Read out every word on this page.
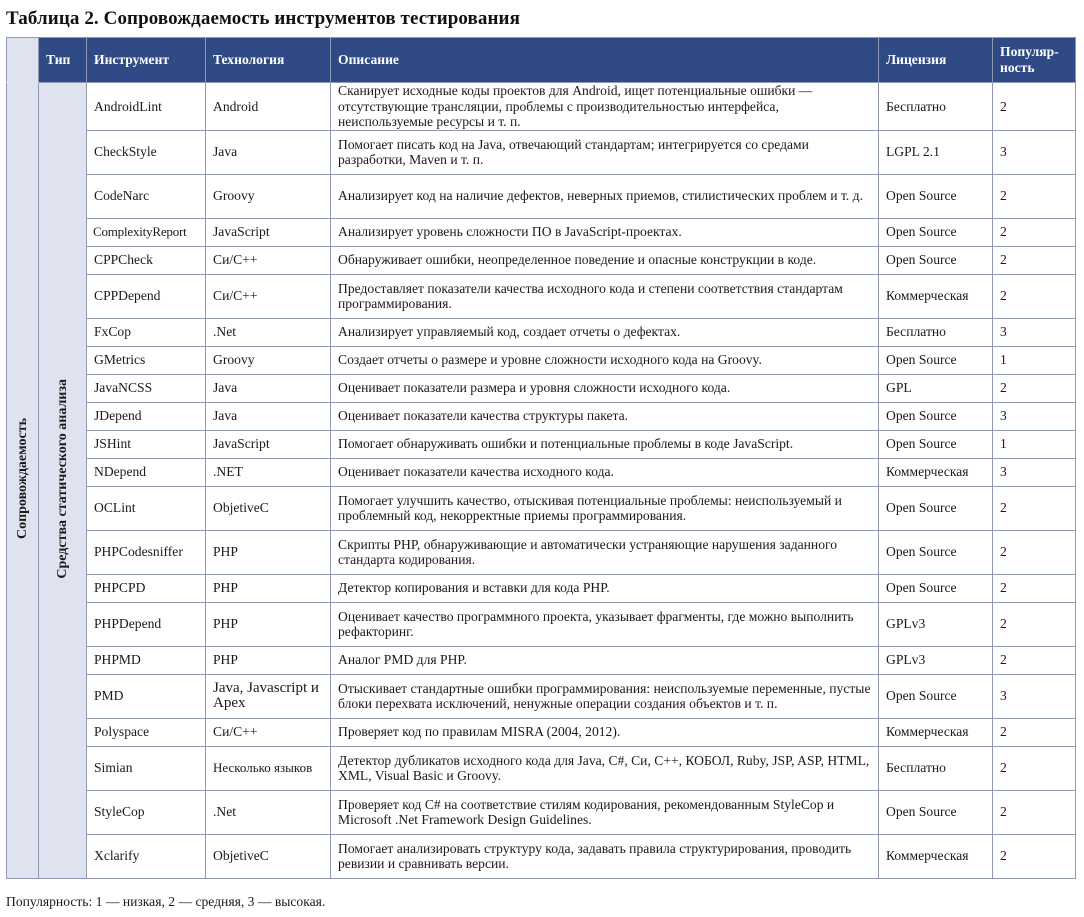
Таблица 2. Сопровождаемость инструментов тестирования
	Тип	Инструмент	Технология	Описание	Лицензия	Популяр-ность
Сопровождаемость	Средства статического анализа	AndroidLint	Android	Сканирует исходные коды проектов для Android, ищет потенциальные ошибки — отсутствующие трансляции, проблемы с производительностью интерфейса, неиспользуемые ресурсы и т. п.	Бесплатно	2
		CheckStyle	Java	Помогает писать код на Java, отвечающий стандартам; интегрируется со средами разработки, Maven и т. п.	LGPL 2.1	3
		CodeNarc	Groovy	Анализирует код на наличие дефектов, неверных приемов, стилистических проблем и т. д.	Open Source	2
		ComplexityReport	JavaScript	Анализирует уровень сложности ПО в JavaScript-проектах.	Open Source	2
		CPPCheck	Си/С++	Обнаруживает ошибки, неопределенное поведение и опасные конструкции в коде.	Open Source	2
		CPPDepend	Си/С++	Предоставляет показатели качества исходного кода и степени соответствия стандартам программирования.	Коммерческая	2
		FxCop	.Net	Анализирует управляемый код, создает отчеты о дефектах.	Бесплатно	3
		GMetrics	Groovy	Создает отчеты о размере и уровне сложности исходного кода на Groovy.	Open Source	1
		JavaNCSS	Java	Оценивает показатели размера и уровня сложности исходного кода.	GPL	2
		JDepend	Java	Оценивает показатели качества структуры пакета.	Open Source	3
		JSHint	JavaScript	Помогает обнаруживать ошибки и потенциальные проблемы в коде JavaScript.	Open Source	1
		NDepend	.NET	Оценивает показатели качества исходного кода.	Коммерческая	3
		OCLint	ObjetiveC	Помогает улучшить качество, отыскивая потенциальные проблемы: неиспользуемый и проблемный код, некорректные приемы программирования.	Open Source	2
		PHPCodesniffer	PHP	Скрипты PHP, обнаруживающие и автоматически устраняющие нарушения заданного стандарта кодирования.	Open Source	2
		PHPCPD	PHP	Детектор копирования и вставки для кода PHP.	Open Source	2
		PHPDepend	PHP	Оценивает качество программного проекта, указывает фрагменты, где можно выполнить рефакторинг.	GPLv3	2
		PHPMD	PHP	Аналог PMD для PHP.	GPLv3	2
		PMD	Java, Javascript и Apex	Отыскивает стандартные ошибки программирования: неиспользуемые переменные, пустые блоки перехвата исключений, ненужные операции создания объектов и т. п.	Open Source	3
		Polyspace	Си/С++	Проверяет код по правилам MISRA (2004, 2012).	Коммерческая	2
		Simian	Несколько языков	Детектор дубликатов исходного кода для Java, C#, Си, C++, КОБОЛ, Ruby, JSP, ASP, HTML, XML, Visual Basic и Groovy.	Бесплатно	2
		StyleCop	.Net	Проверяет код C# на соответствие стилям кодирования, рекомендованным StyleCop и Microsoft .Net Framework Design Guidelines.	Open Source	2
		Xclarify	ObjetiveC	Помогает анализировать структуру кода, задавать правила структурирования, проводить ревизии и сравнивать версии.	Коммерческая	2
Популярность: 1 — низкая, 2 — средняя, 3 — высокая.
